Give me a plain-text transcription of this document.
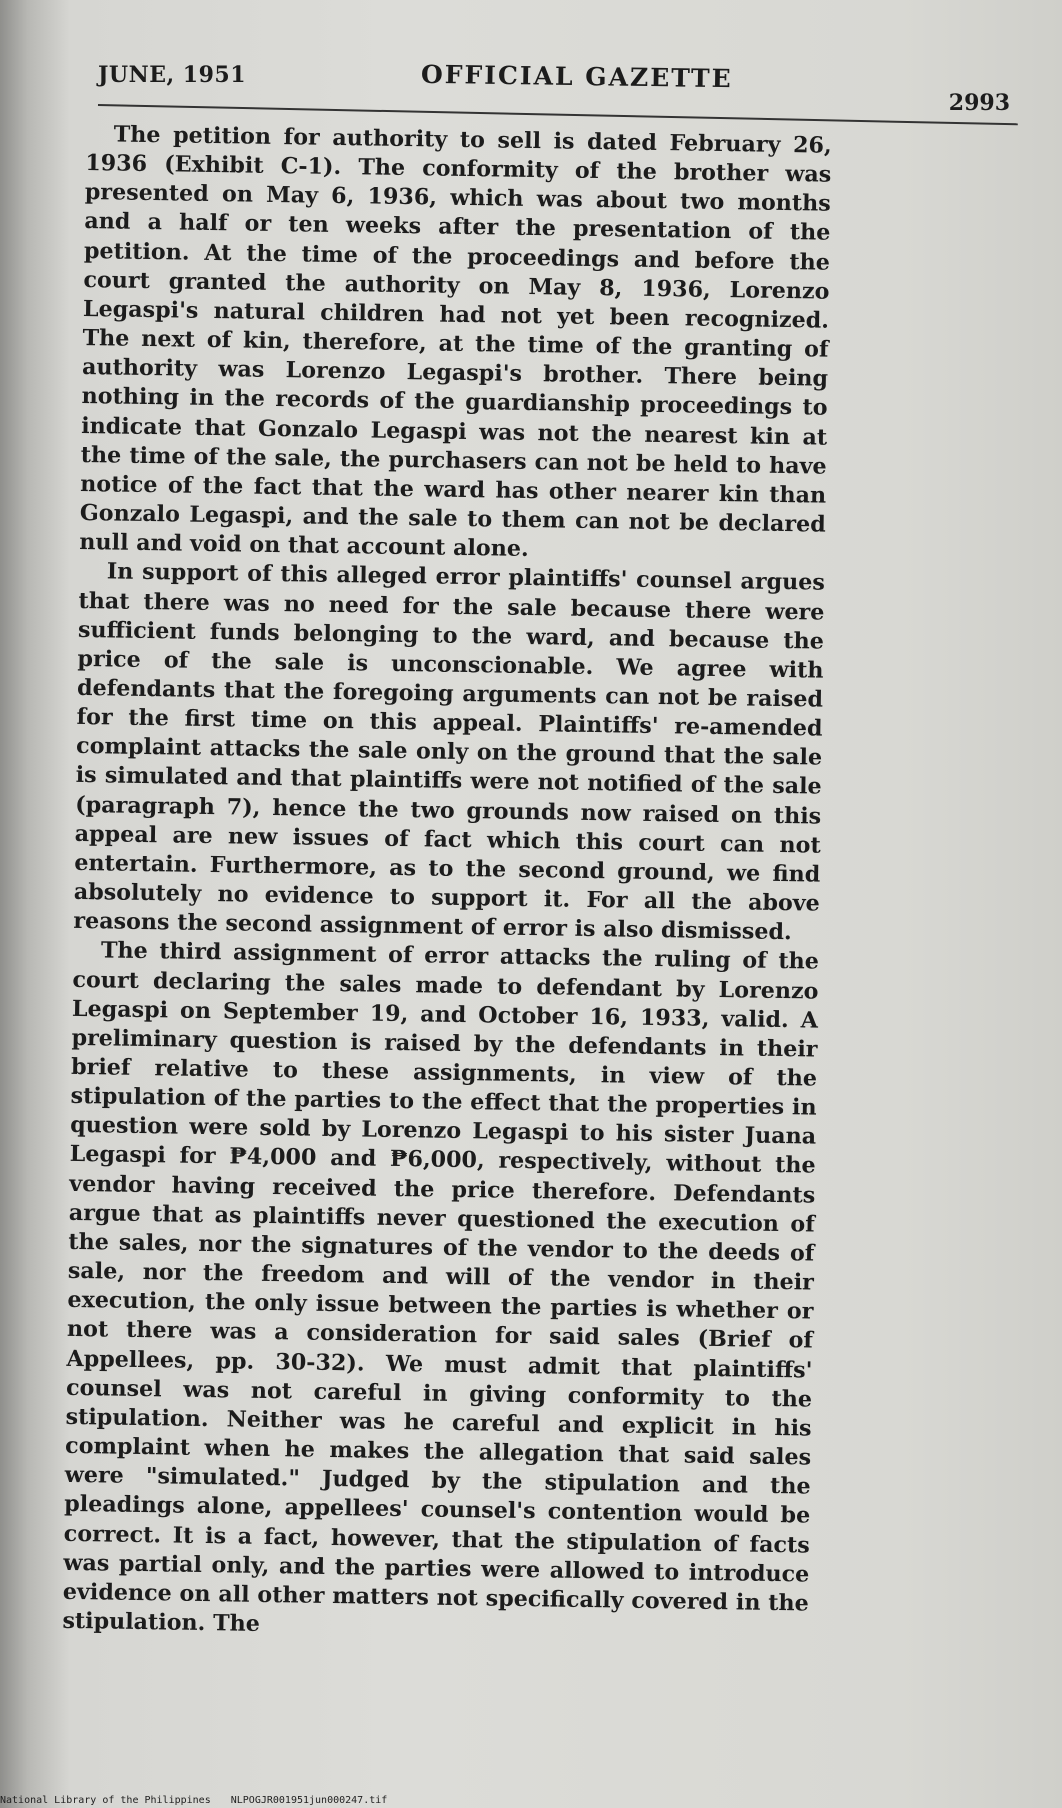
JUNE, 1951	OFFICIAL GAZETTE
2993

The petition for authority to sell is dated February 26, 1936 (Exhibit C-1). The conformity of the brother was presented on May 6, 1936, which was about two months and a half or ten weeks after the presentation of the petition. At the time of the proceedings and before the court granted the authority on May 8, 1936, Lorenzo Legaspi's natural children had not yet been recognized. The next of kin, therefore, at the time of the granting of authority was Lorenzo Legaspi's brother. There being nothing in the records of the guardianship proceedings to indicate that Gonzalo Legaspi was not the nearest kin at the time of the sale, the purchasers can not be held to have notice of the fact that the ward has other nearer kin than Gonzalo Legaspi, and the sale to them can not be declared null and void on that account alone.

In support of this alleged error plaintiffs' counsel argues that there was no need for the sale because there were sufficient funds belonging to the ward, and because the price of the sale is unconscionable. We agree with defendants that the foregoing arguments can not be raised for the first time on this appeal. Plaintiffs' re-amended complaint attacks the sale only on the ground that the sale is simulated and that plaintiffs were not notified of the sale (paragraph 7), hence the two grounds now raised on this appeal are new issues of fact which this court can not entertain. Furthermore, as to the second ground, we find absolutely no evidence to support it. For all the above reasons the second assignment of error is also dismissed.

The third assignment of error attacks the ruling of the court declaring the sales made to defendant by Lorenzo Legaspi on September 19, and October 16, 1933, valid. A preliminary question is raised by the defendants in their brief relative to these assignments, in view of the stipulation of the parties to the effect that the properties in question were sold by Lorenzo Legaspi to his sister Juana Legaspi for ₱4,000 and ₱6,000, respectively, without the vendor having received the price therefore. Defendants argue that as plaintiffs never questioned the execution of the sales, nor the signatures of the vendor to the deeds of sale, nor the freedom and will of the vendor in their execution, the only issue between the parties is whether or not there was a consideration for said sales (Brief of Appellees, pp. 30-32). We must admit that plaintiffs' counsel was not careful in giving conformity to the stipulation. Neither was he careful and explicit in his complaint when he makes the allegation that said sales were "simulated." Judged by the stipulation and the pleadings alone, appellees' counsel's contention would be correct. It is a fact, however, that the stipulation of facts was partial only, and the parties were allowed to introduce evidence on all other matters not specifically covered in the stipulation. The

National Library of the Philippines NLPOGJR001951jun000247.tif
